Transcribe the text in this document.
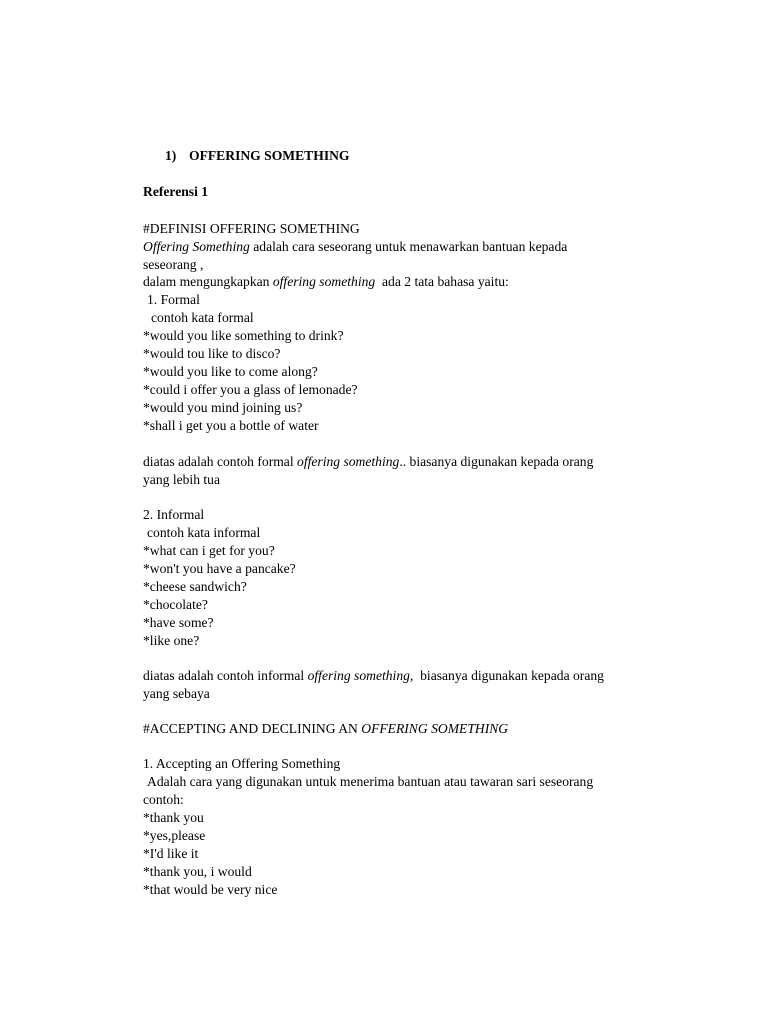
1) OFFERING SOMETHING
Referensi 1
#DEFINISI OFFERING SOMETHING
Offering Something adalah cara seseorang untuk menawarkan bantuan kepada
seseorang ,
dalam mengungkapkan offering something  ada 2 tata bahasa yaitu:
1. Formal
contoh kata formal
*would you like something to drink?
*would tou like to disco?
*would you like to come along?
*could i offer you a glass of lemonade?
*would you mind joining us?
*shall i get you a bottle of water
diatas adalah contoh formal offering something.. biasanya digunakan kepada orang
yang lebih tua
2. Informal
contoh kata informal
*what can i get for you?
*won't you have a pancake?
*cheese sandwich?
*chocolate?
*have some?
*like one?
diatas adalah contoh informal offering something,  biasanya digunakan kepada orang
yang sebaya
#ACCEPTING AND DECLINING AN OFFERING SOMETHING
1. Accepting an Offering Something
Adalah cara yang digunakan untuk menerima bantuan atau tawaran sari seseorang
contoh:
*thank you
*yes,please
*I'd like it
*thank you, i would
*that would be very nice
